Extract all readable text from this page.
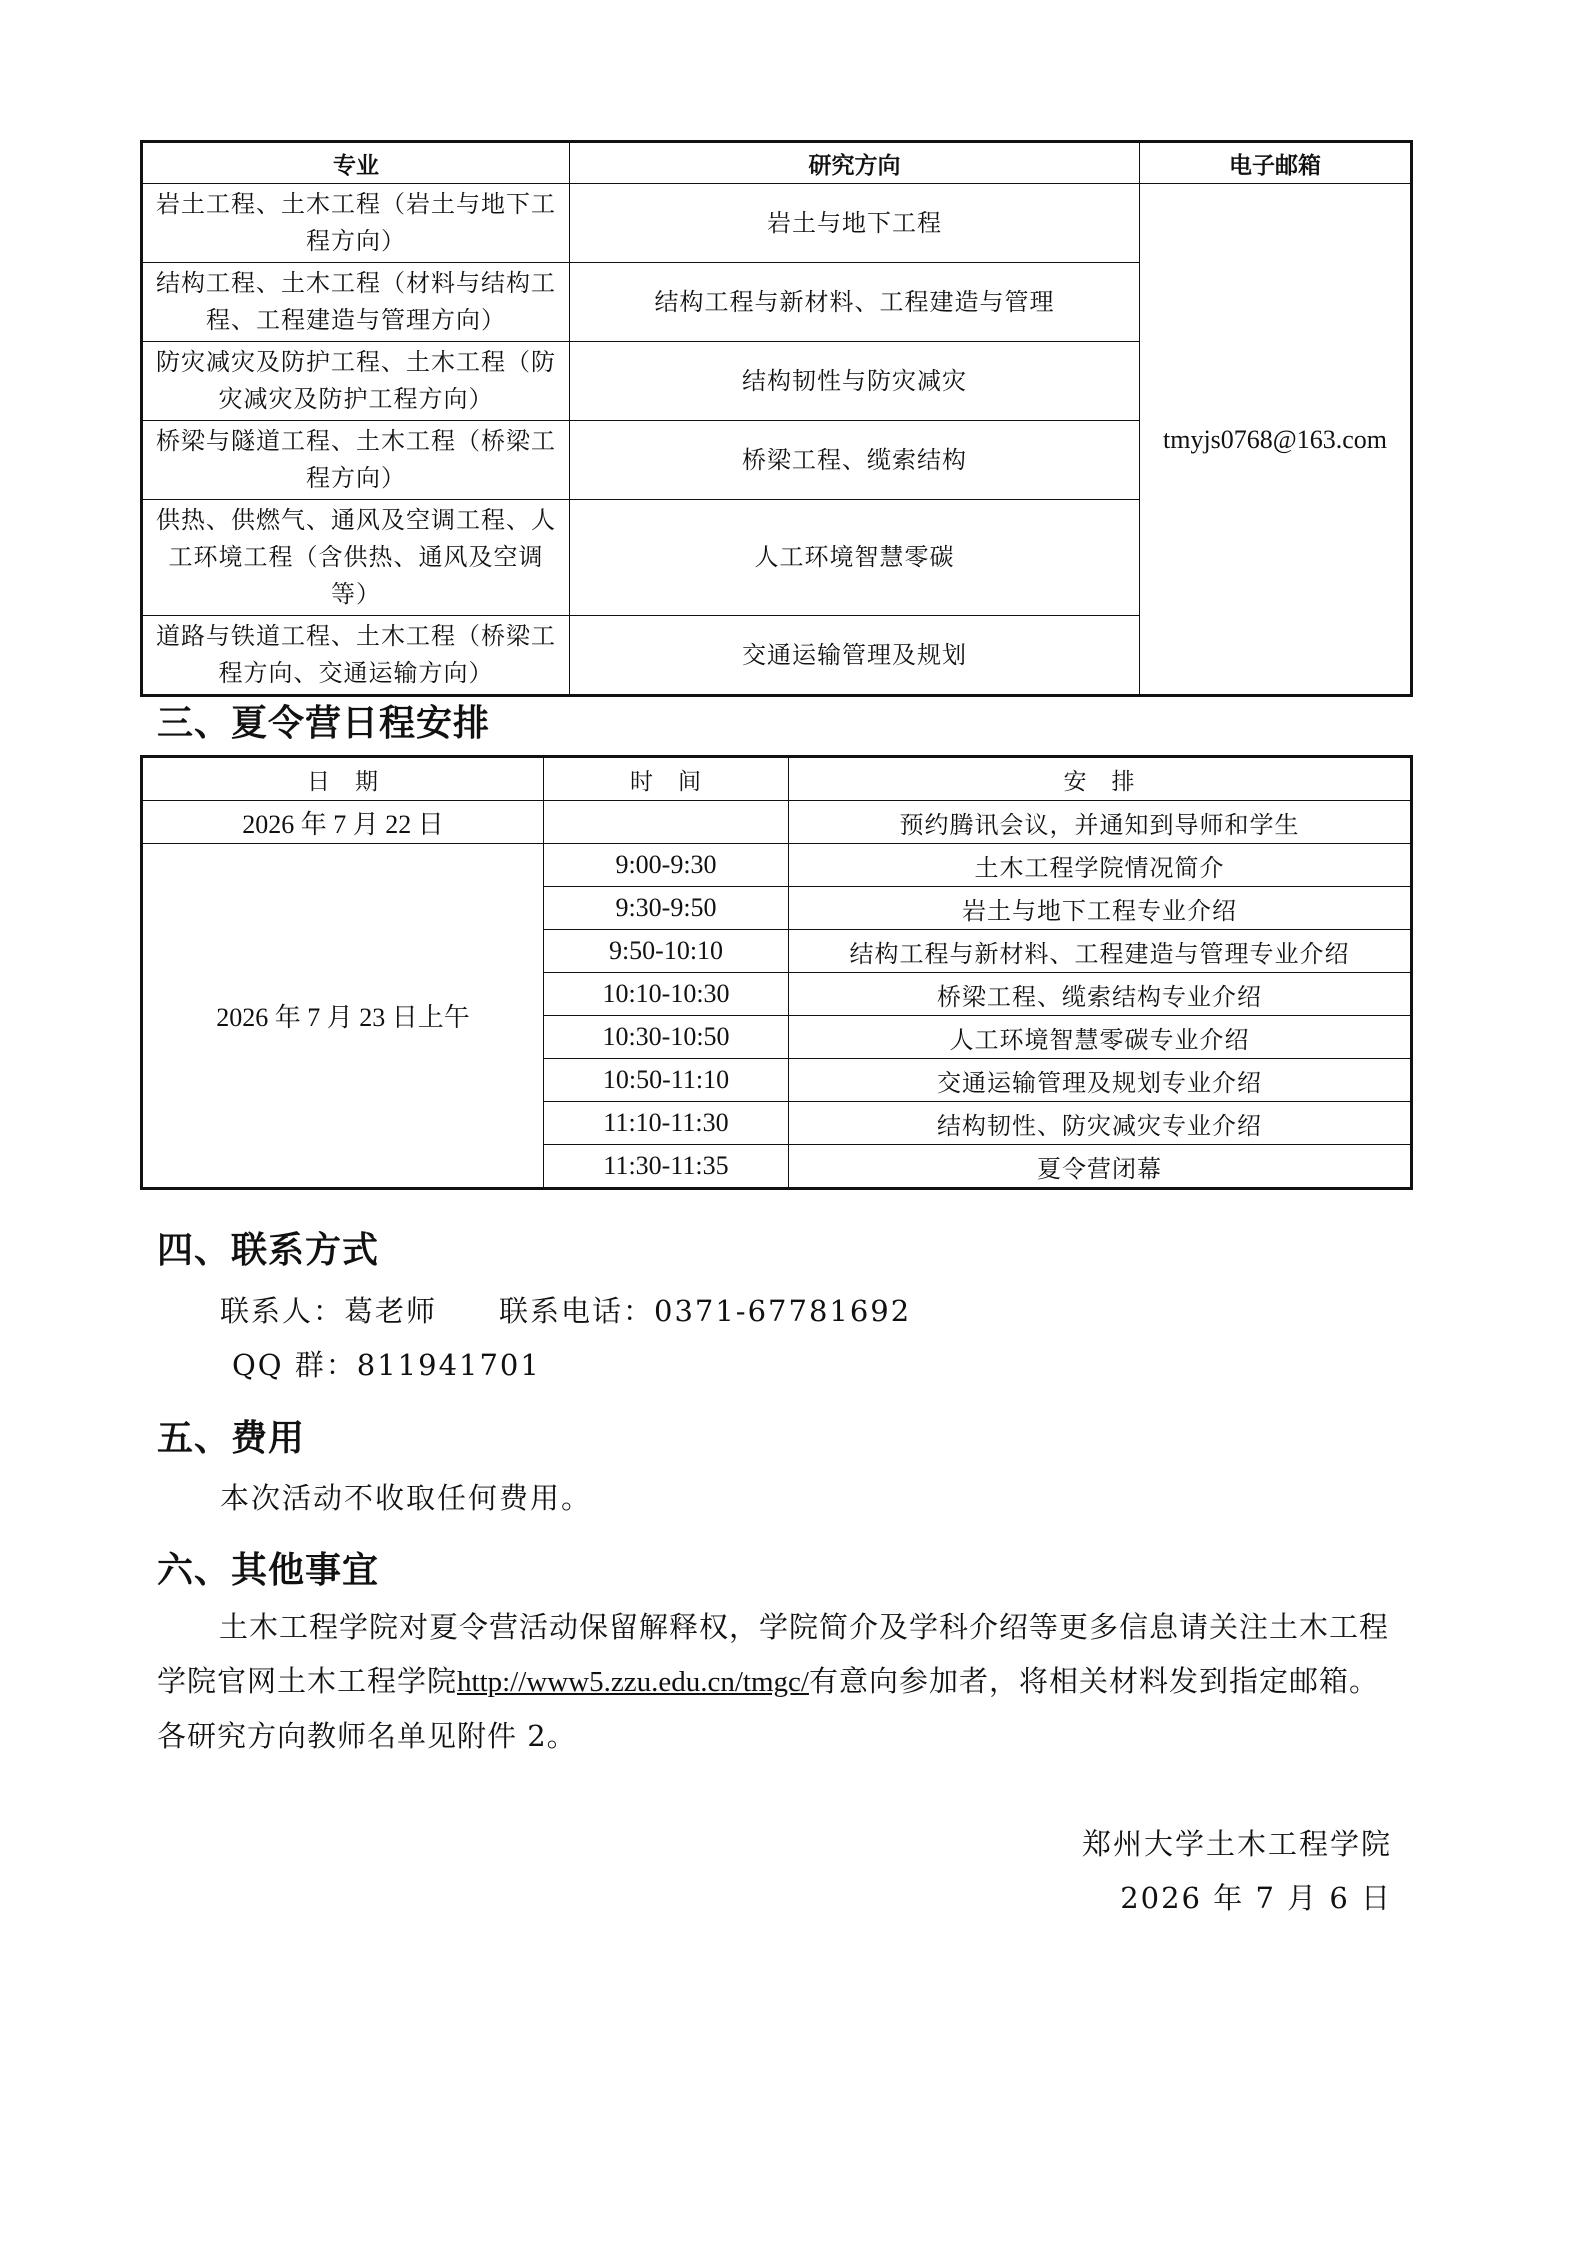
专业	研究方向	电子邮箱
岩土工程、土木工程（岩土与地下工程方向）	岩土与地下工程	tmyjs0768@163.com
结构工程、土木工程（材料与结构工程、工程建造与管理方向）	结构工程与新材料、工程建造与管理	
防灾减灾及防护工程、土木工程（防灾减灾及防护工程方向）	结构韧性与防灾减灾	
桥梁与隧道工程、土木工程（桥梁工程方向）	桥梁工程、缆索结构	
供热、供燃气、通风及空调工程、人工环境工程（含供热、通风及空调等）	人工环境智慧零碳	
道路与铁道工程、土木工程（桥梁工程方向、交通运输方向）	交通运输管理及规划	
三、夏令营日程安排
日　期	时　间	安　排
2026 年 7 月 22 日		预约腾讯会议，并通知到导师和学生
2026 年 7 月 23 日上午	9:00-9:30	土木工程学院情况简介
	9:30-9:50	岩土与地下工程专业介绍
	9:50-10:10	结构工程与新材料、工程建造与管理专业介绍
	10:10-10:30	桥梁工程、缆索结构专业介绍
	10:30-10:50	人工环境智慧零碳专业介绍
	10:50-11:10	交通运输管理及规划专业介绍
	11:10-11:30	结构韧性、防灾减灾专业介绍
	11:30-11:35	夏令营闭幕
四、联系方式
联系人：葛老师　　联系电话：0371-67781692
QQ 群：811941701
五、费用
本次活动不收取任何费用。
六、其他事宜
土木工程学院对夏令营活动保留解释权，学院简介及学科介绍等更多信息请关注土木工程学院官网土木工程学院http://www5.zzu.edu.cn/tmgc/有意向参加者，将相关材料发到指定邮箱。各研究方向教师名单见附件 2。
郑州大学土木工程学院
2026 年 7 月 6 日
